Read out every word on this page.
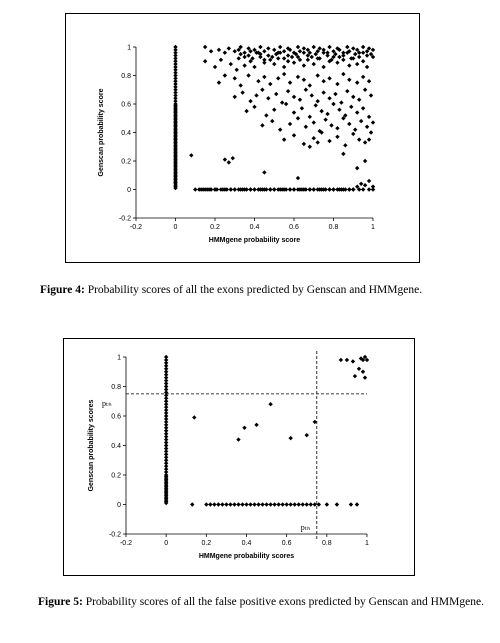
-0.2
0
0.2
0.4
0.6
0.8
1
-0.2	0	0.2	0.4	0.6	0.8	1
HMMgene probability score
Genscan probability score
Figure 4: Probability scores of all the exons predicted by Genscan and HMMgene.
-0.2
0
0.2
0.4
0.6
0.8
1
-0.2	0	0.2	0.4	0.6	0.8	1
HMMgene probability scores
Genscan probability scores pₜₕ
pₜₕ
Figure 5: Probability scores of all the false positive exons predicted by Genscan and HMMgene.
